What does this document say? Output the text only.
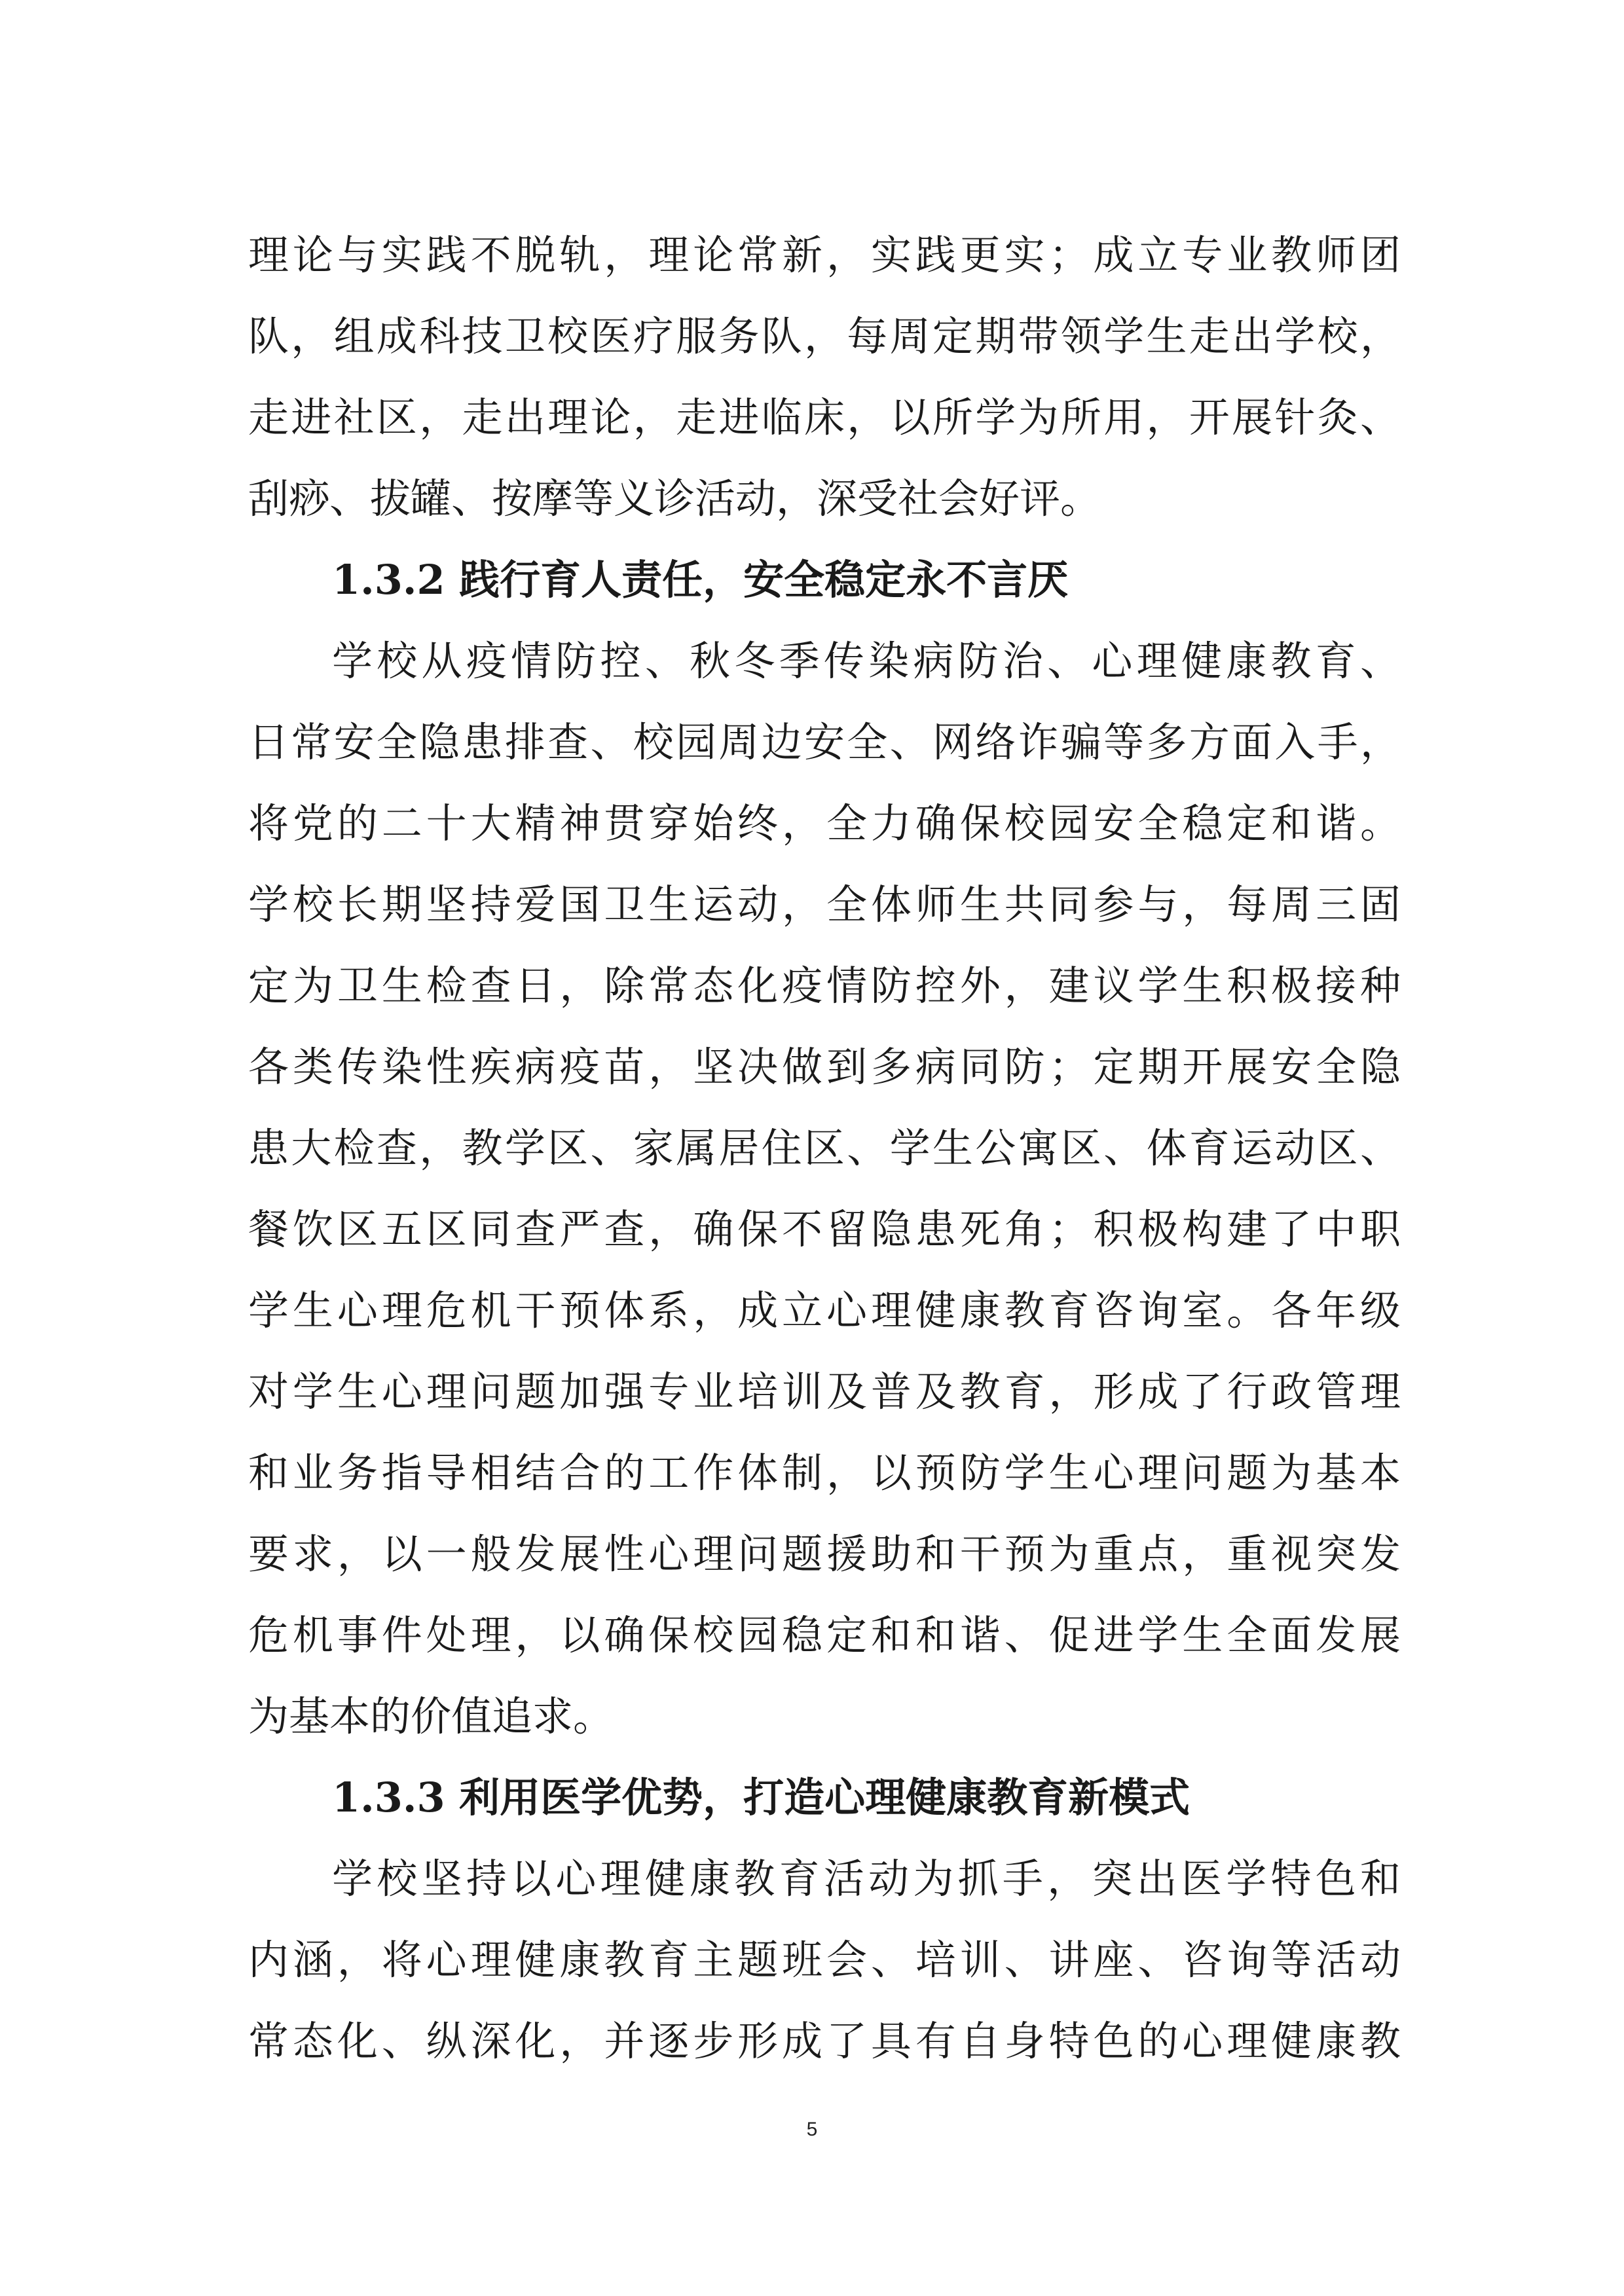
理论与实践不脱轨，理论常新，实践更实；成立专业教师团
队，组成科技卫校医疗服务队，每周定期带领学生走出学校，
走进社区，走出理论，走进临床，以所学为所用，开展针灸、
刮痧、拔罐、按摩等义诊活动，深受社会好评。
1.3.2 践行育人责任，安全稳定永不言厌
学校从疫情防控、秋冬季传染病防治、心理健康教育、
日常安全隐患排查、校园周边安全、网络诈骗等多方面入手，
将党的二十大精神贯穿始终，全力确保校园安全稳定和谐。
学校长期坚持爱国卫生运动，全体师生共同参与，每周三固
定为卫生检查日，除常态化疫情防控外，建议学生积极接种
各类传染性疾病疫苗，坚决做到多病同防；定期开展安全隐
患大检查，教学区、家属居住区、学生公寓区、体育运动区、
餐饮区五区同查严查，确保不留隐患死角；积极构建了中职
学生心理危机干预体系，成立心理健康教育咨询室。各年级
对学生心理问题加强专业培训及普及教育，形成了行政管理
和业务指导相结合的工作体制，以预防学生心理问题为基本
要求，以一般发展性心理问题援助和干预为重点，重视突发
危机事件处理，以确保校园稳定和和谐、促进学生全面发展
为基本的价值追求。
1.3.3 利用医学优势，打造心理健康教育新模式
学校坚持以心理健康教育活动为抓手，突出医学特色和
内涵，将心理健康教育主题班会、培训、讲座、咨询等活动
常态化、纵深化，并逐步形成了具有自身特色的心理健康教
5
